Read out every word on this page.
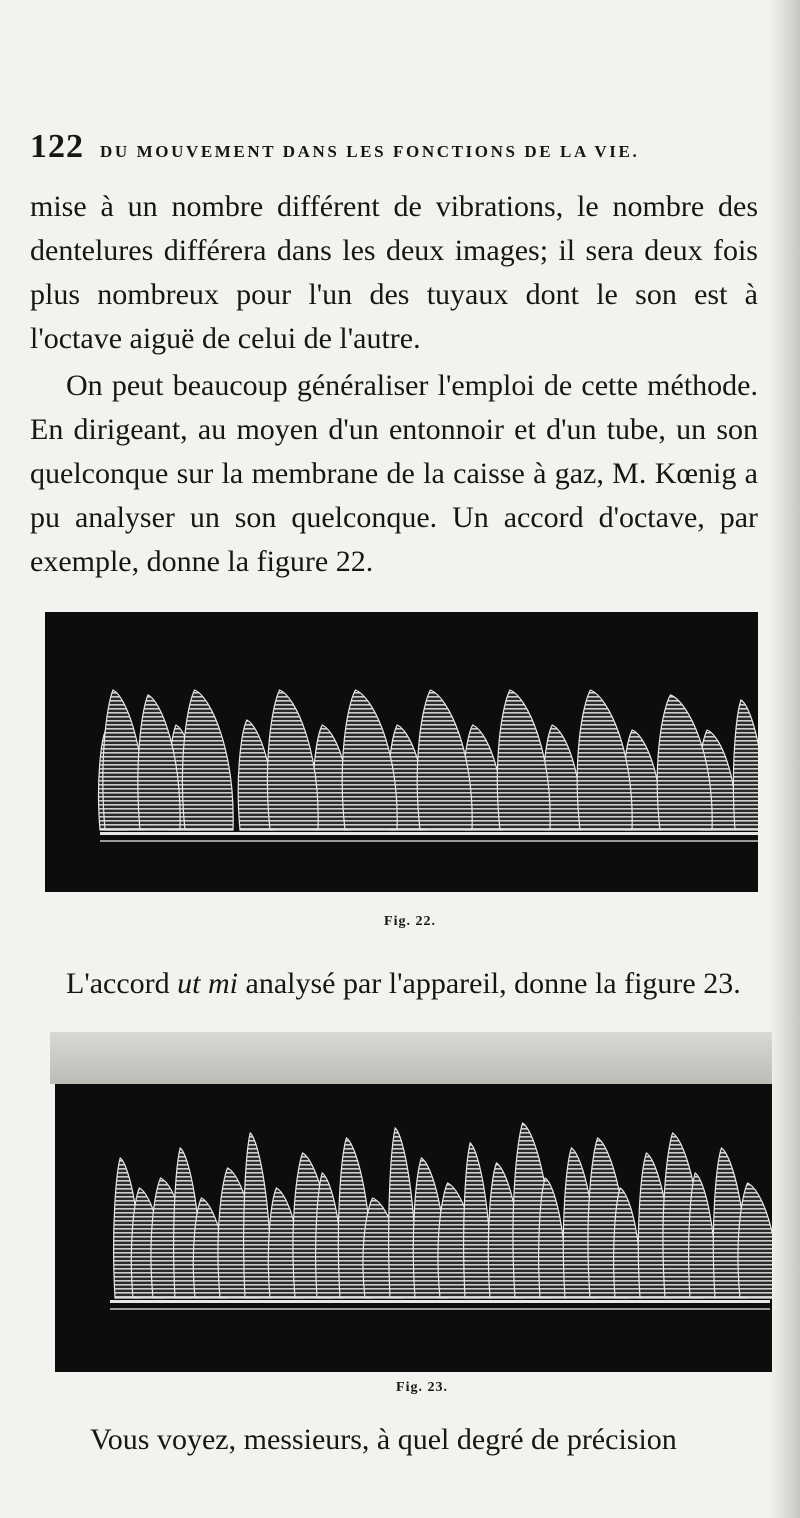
122 DU MOUVEMENT DANS LES FONCTIONS DE LA VIE.

mise à un nombre différent de vibrations, le nombre des dentelures différera dans les deux images; il sera deux fois plus nombreux pour l'un des tuyaux dont le son est à l'octave aiguë de celui de l'autre.

On peut beaucoup généraliser l'emploi de cette méthode. En dirigeant, au moyen d'un entonnoir et d'un tube, un son quelconque sur la membrane de la caisse à gaz, M. Kœnig a pu analyser un son quelconque. Un accord d'octave, par exemple, donne la figure 22.

Fig. 22.

L'accord ut mi analysé par l'appareil, donne la figure 23.

Fig. 23.

Vous voyez, messieurs, à quel degré de précision
